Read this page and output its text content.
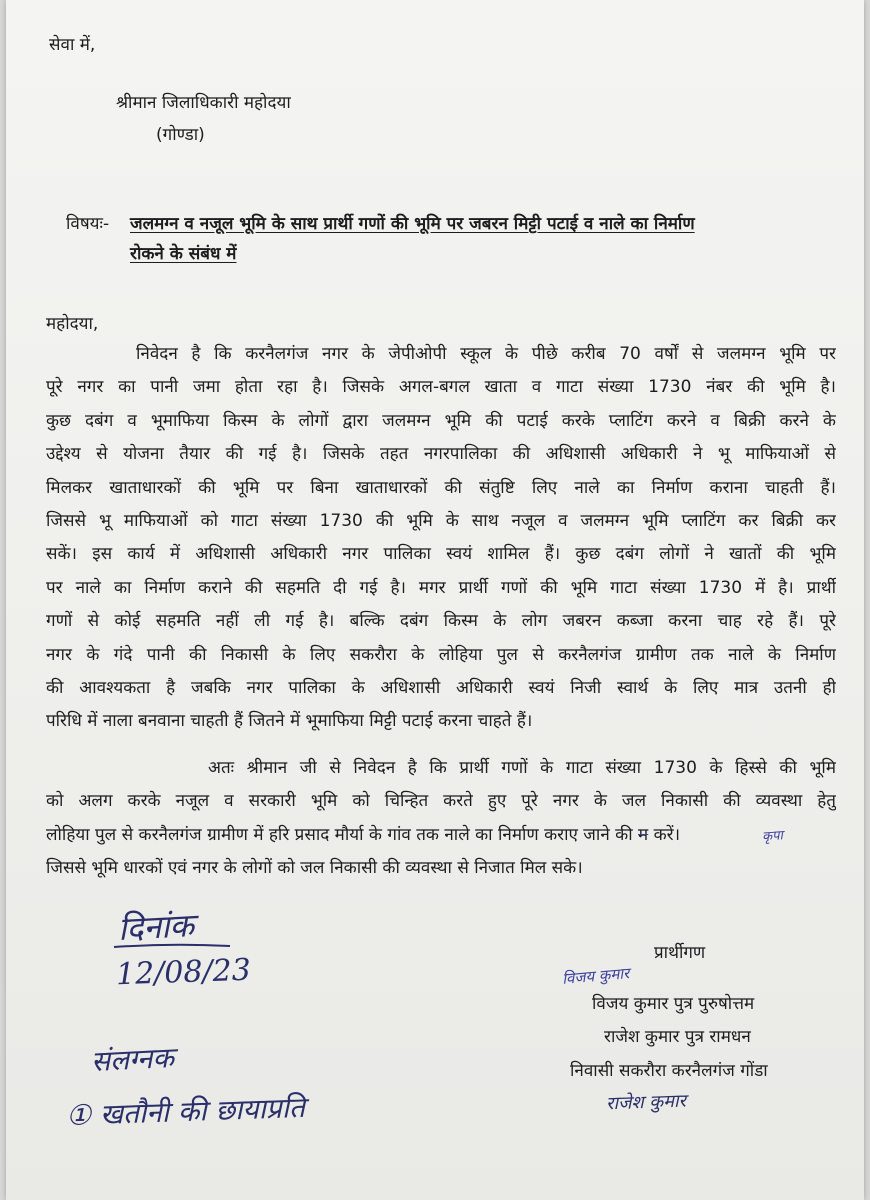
सेवा में,
श्रीमान जिलाधिकारी महोदया
(गोण्डा)
विषयः- जलमग्न व नजूल भूमि के साथ प्रार्थी गणों की भूमि पर जबरन मिट्टी पटाई व नाले का निर्माण
रोकने के संबंध में
महोदया,
निवेदन है कि करनैलगंज नगर के जेपीओपी स्कूल के पीछे करीब 70 वर्षों से जलमग्न भूमि पर
पूरे नगर का पानी जमा होता रहा है। जिसके अगल-बगल खाता व गाटा संख्या 1730 नंबर की भूमि है।
कुछ दबंग व भूमाफिया किस्म के लोगों द्वारा जलमग्न भूमि की पटाई करके प्लाटिंग करने व बिक्री करने के
उद्देश्य से योजना तैयार की गई है। जिसके तहत नगरपालिका की अधिशासी अधिकारी ने भू माफियाओं से
मिलकर खाताधारकों की भूमि पर बिना खाताधारकों की संतुष्टि लिए नाले का निर्माण कराना चाहती हैं।
जिससे भू माफियाओं को गाटा संख्या 1730 की भूमि के साथ नजूल व जलमग्न भूमि प्लाटिंग कर बिक्री कर
सकें। इस कार्य में अधिशासी अधिकारी नगर पालिका स्वयं शामिल हैं। कुछ दबंग लोगों ने खातों की भूमि
पर नाले का निर्माण कराने की सहमति दी गई है। मगर प्रार्थी गणों की भूमि गाटा संख्या 1730 में है। प्रार्थी
गणों से कोई सहमति नहीं ली गई है। बल्कि दबंग किस्म के लोग जबरन कब्जा करना चाह रहे हैं। पूरे
नगर के गंदे पानी की निकासी के लिए सकरौरा के लोहिया पुल से करनैलगंज ग्रामीण तक नाले के निर्माण
की आवश्यकता है जबकि नगर पालिका के अधिशासी अधिकारी स्वयं निजी स्वार्थ के लिए मात्र उतनी ही
परिधि में नाला बनवाना चाहती हैं जितने में भूमाफिया मिट्टी पटाई करना चाहते हैं।
अतः श्रीमान जी से निवेदन है कि प्रार्थी गणों के गाटा संख्या 1730 के हिस्से की भूमि
को अलग करके नजूल व सरकारी भूमि को चिन्हित करते हुए पूरे नगर के जल निकासी की व्यवस्था हेतु
लोहिया पुल से करनैलगंज ग्रामीण में हरि प्रसाद मौर्या के गांव तक नाले का निर्माण कराए जाने की म करें।
जिससे भूमि धारकों एवं नगर के लोगों को जल निकासी की व्यवस्था से निजात मिल सके।
कृपा
दिनांक
12/08/23
संलग्नक
① खतौनी की छायाप्रति
प्रार्थीगण
विजय कुमार
विजय कुमार पुत्र पुरुषोत्तम
राजेश कुमार पुत्र रामधन
निवासी सकरौरा करनैलगंज गोंडा
राजेश कुमार
